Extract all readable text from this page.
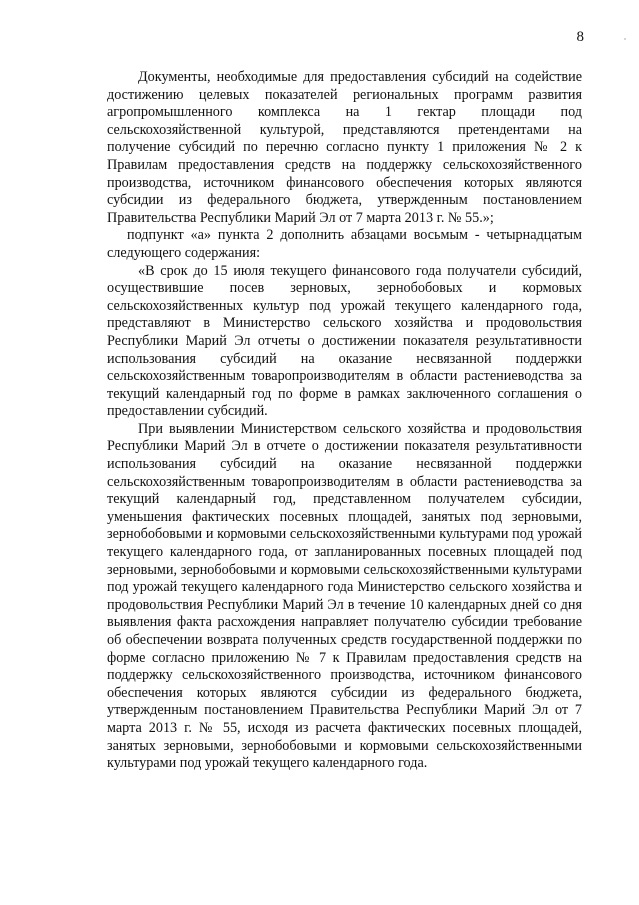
8

Документы, необходимые для предоставления субсидий на содействие достижению целевых показателей региональных программ развития агропромышленного комплекса на 1 гектар площади под сельскохозяйственной культурой, представляются претендентами на получение субсидий по перечню согласно пункту 1 приложения № 2 к Правилам предоставления средств на поддержку сельскохозяйственного производства, источником финансового обеспечения которых являются субсидии из федерального бюджета, утвержденным постановлением Правительства Республики Марий Эл от 7 марта 2013 г. № 55.»;

подпункт «а» пункта 2 дополнить абзацами восьмым - четырнадцатым следующего содержания:

«В срок до 15 июля текущего финансового года получатели субсидий, осуществившие посев зерновых, зернобобовых и кормовых сельскохозяйственных культур под урожай текущего календарного года, представляют в Министерство сельского хозяйства и продовольствия Республики Марий Эл отчеты о достижении показателя результативности использования субсидий на оказание несвязанной поддержки сельскохозяйственным товаропроизводителям в области растениеводства за текущий календарный год по форме в рамках заключенного соглашения о предоставлении субсидий.

При выявлении Министерством сельского хозяйства и продовольствия Республики Марий Эл в отчете о достижении показателя результативности использования субсидий на оказание несвязанной поддержки сельскохозяйственным товаропроизводителям в области растениеводства за текущий календарный год, представленном получателем субсидии, уменьшения фактических посевных площадей, занятых под зерновыми, зернобобовыми и кормовыми сельскохозяйственными культурами под урожай текущего календарного года, от запланированных посевных площадей под зерновыми, зернобобовыми и кормовыми сельскохозяйственными культурами под урожай текущего календарного года Министерство сельского хозяйства и продовольствия Республики Марий Эл в течение 10 календарных дней со дня выявления факта расхождения направляет получателю субсидии требование об обеспечении возврата полученных средств государственной поддержки по форме согласно приложению № 7 к Правилам предоставления средств на поддержку сельскохозяйственного производства, источником финансового обеспечения которых являются субсидии из федерального бюджета, утвержденным постановлением Правительства Республики Марий Эл от 7 марта 2013 г. № 55, исходя из расчета фактических посевных площадей, занятых зерновыми, зернобобовыми и кормовыми сельскохозяйственными культурами под урожай текущего календарного года.
